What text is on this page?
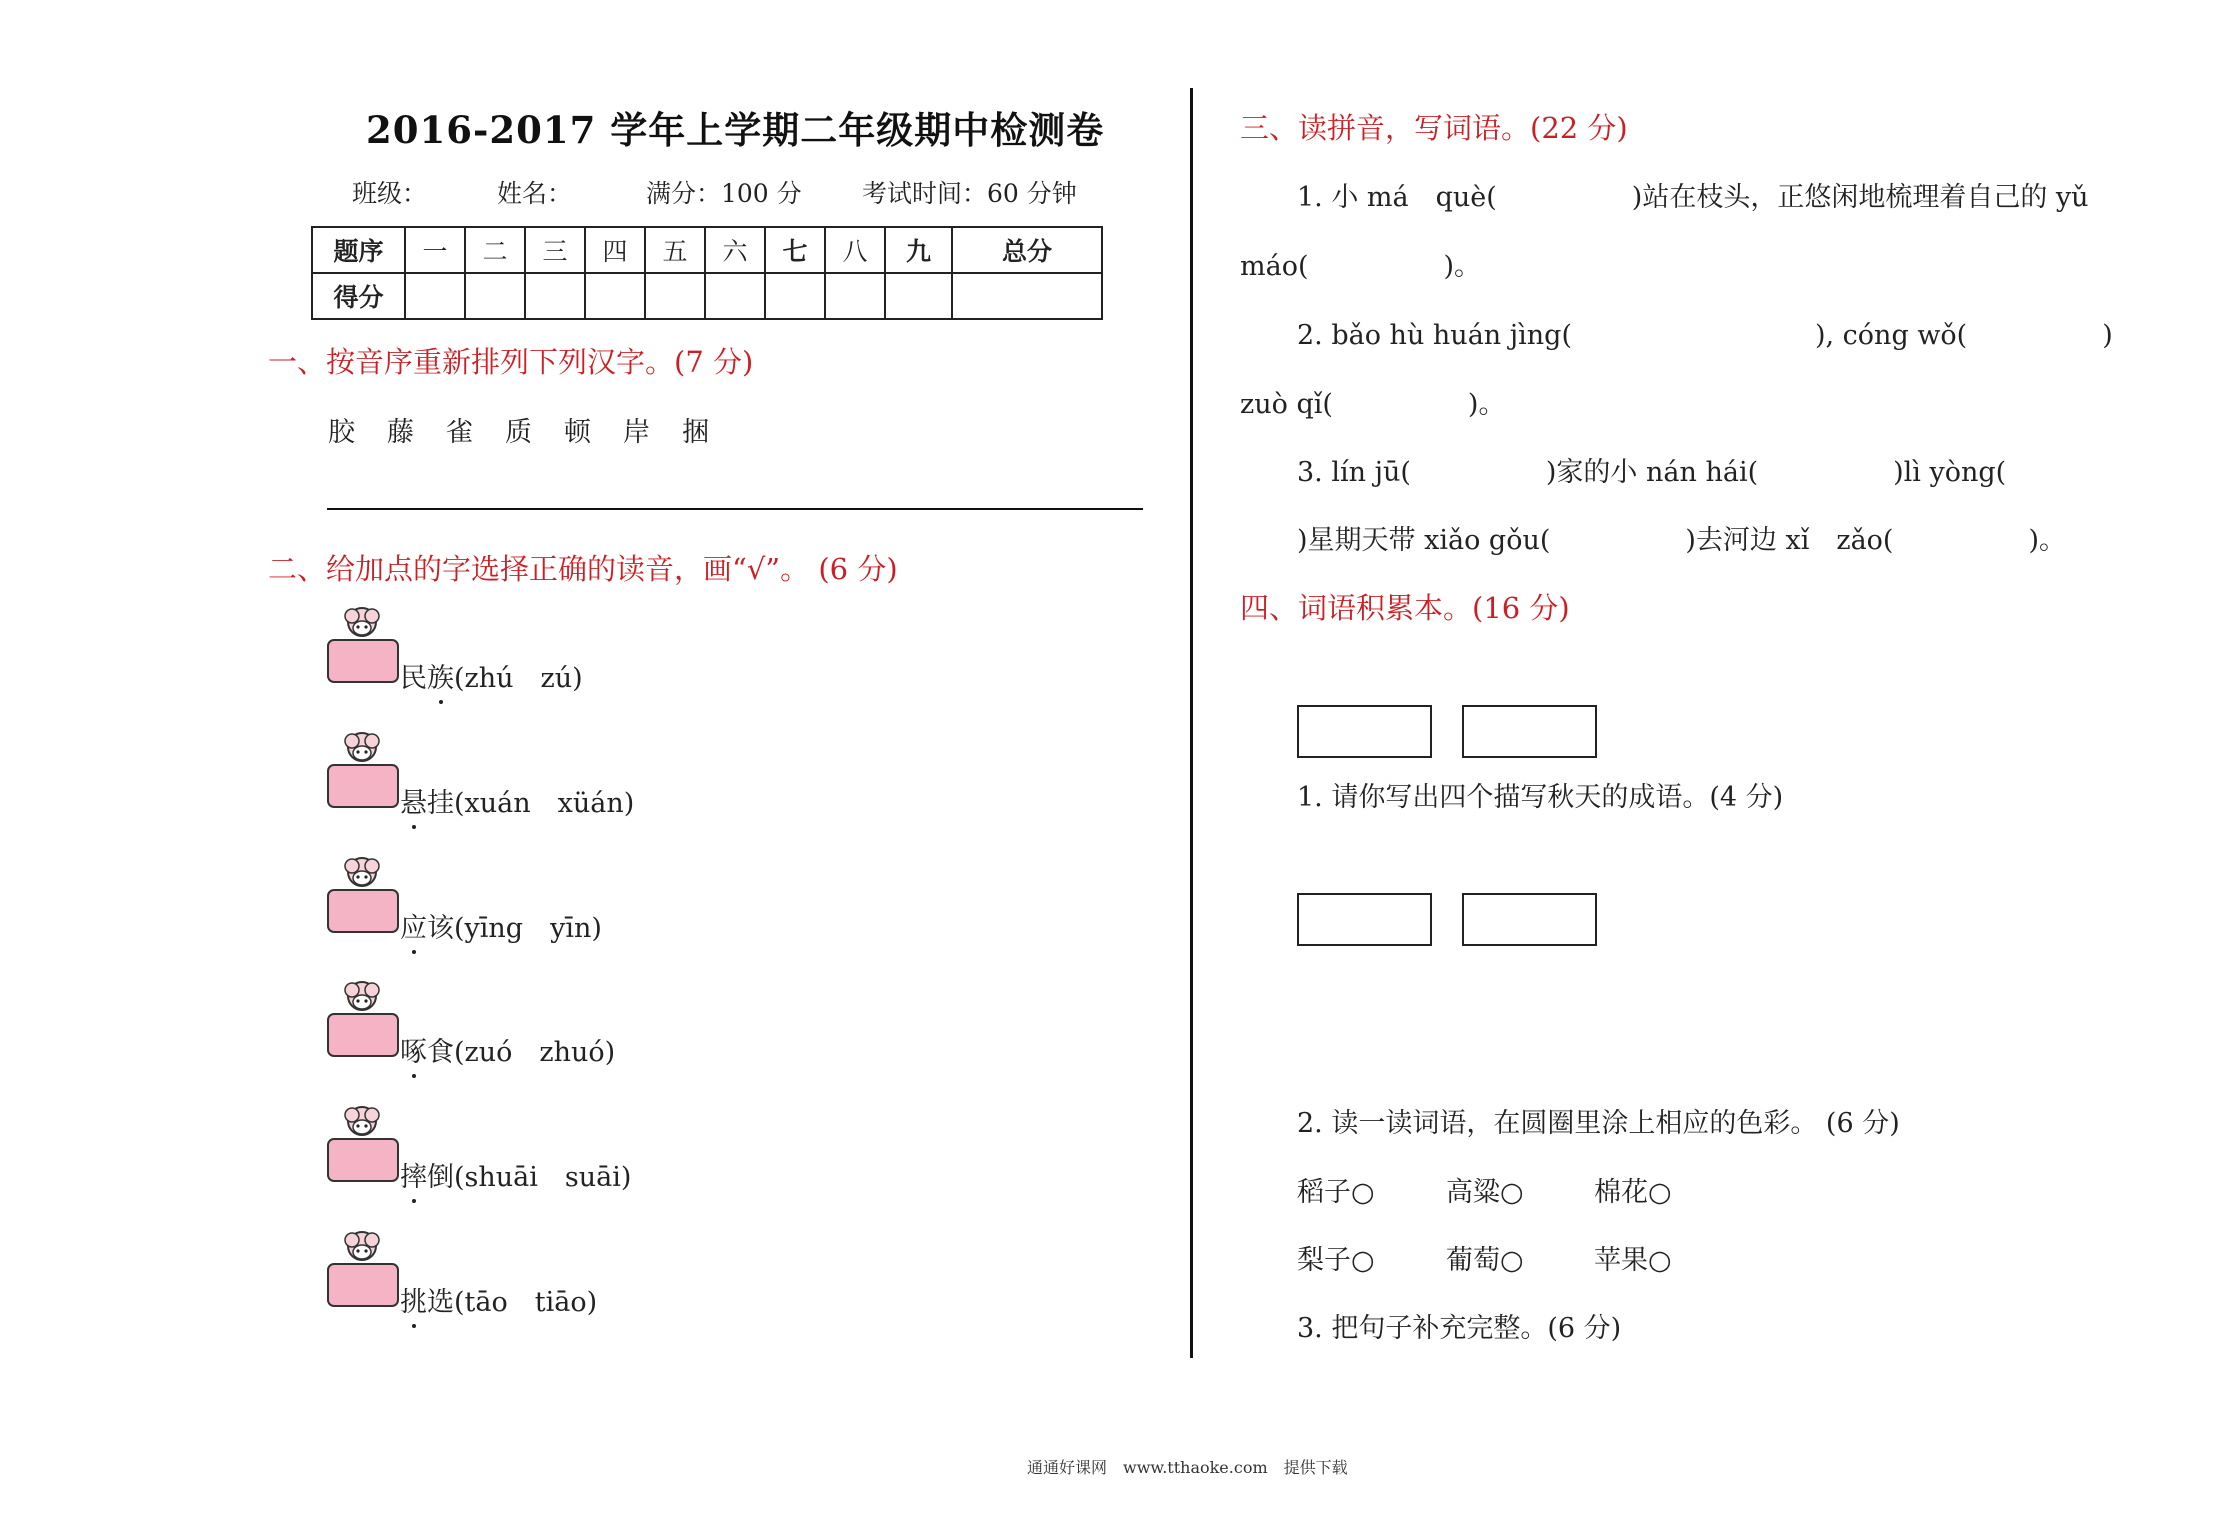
2016-2017 学年上学期二年级期中检测卷
班级：	姓名：	满分：100 分 考试时间：60 分钟
题序	一	二	三	四	五	六	七	八	九	总分
得分										
一、按音序重新排列下列汉字。(7 分)
胶 藤 雀 质 顿 岸 捆
二、给加点的字选择正确的读音，画“√”。 (6 分)
民族(zhú　zú)
悬挂(xuán　xüán)
应该(yīng　yīn)
啄食(zuó　zhuó)
摔倒(shuāi　suāi)
挑选(tāo　tiāo)
三、读拼音，写词语。(22 分)
1. 小 má　què(　　　　　)站在枝头，正悠闲地梳理着自己的 yǔ
máo(　　　　　)。
2. bǎo hù huán jìng(　　　　　　　　　), cóng wǒ(　　　　　)
zuò qǐ(　　　　　)。
3. lín jū(　　　　　)家的小 nán hái(　　　　　)lì yòng(
)星期天带 xiǎo gǒu(　　　　　)去河边 xǐ　zǎo(　　　　　)。
四、词语积累本。(16 分)
1. 请你写出四个描写秋天的成语。(4 分)
2. 读一读词语，在圆圈里涂上相应的色彩。 (6 分)
稻子○	高粱○	棉花○
梨子○	葡萄○	苹果○
3. 把句子补充完整。(6 分)
通通好课网　www.tthaoke.com　提供下载
